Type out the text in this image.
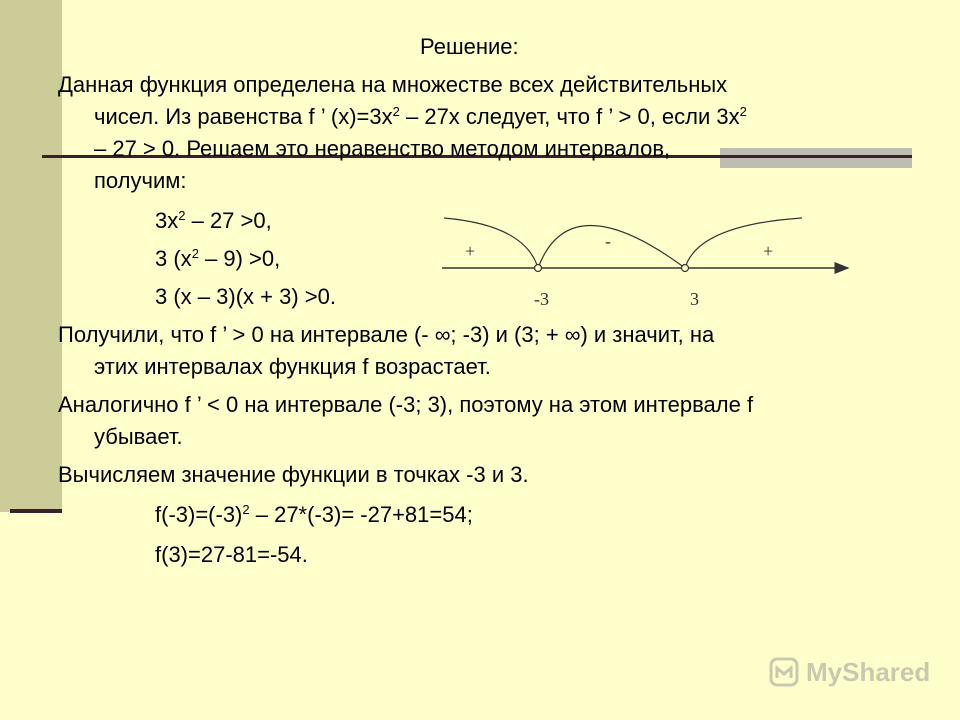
Решение:

Данная функция определена на множестве всех действительных

чисел. Из равенства f ’ $(x)=3x^2 - 27x$ следует, что f ’ > 0, если $3x^2$

– 27 > 0. Решаем это неравенство методом интервалов,

получим:

$3x^2 - 27 >0$,

3 $(x^2 - 9) >0$,

3 (x – 3)(x + 3) >0.

+	-	+
-3	3

Получили, что f ’ > 0 на интервале (- ∞; -3) и (3; + ∞) и значит, на

этих интервалах функция f возрастает.

Аналогично f ’ < 0 на интервале (-3; 3), поэтому на этом интервале f

убывает.

Вычисляем значение функции в точках -3 и 3.

$f(-3)=(-3)^2 - 27*(-3)= -27+81=54$;

f(3)=27-81=-54.

MyShared
